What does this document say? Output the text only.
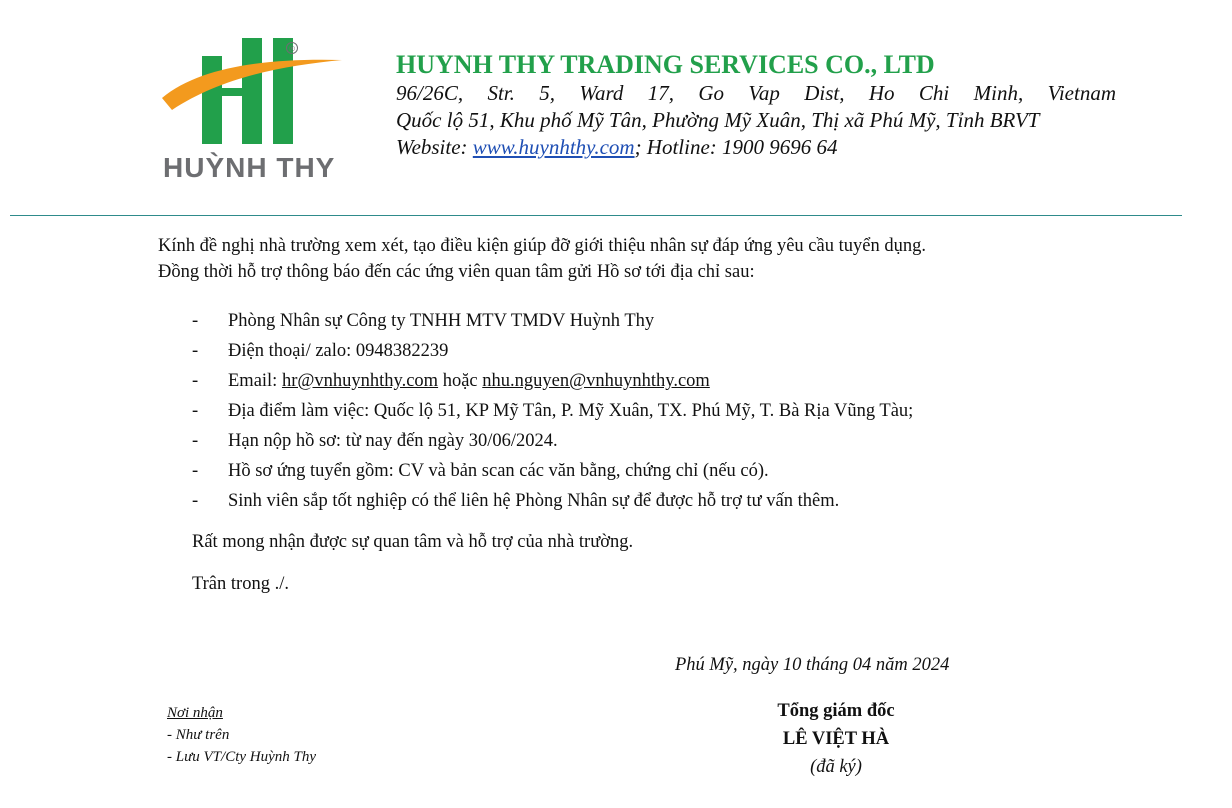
®
HUỲNH THY
HUYNH THY TRADING SERVICES CO., LTD
96/26C, Str. 5, Ward 17, Go Vap Dist, Ho Chi Minh, Vietnam
Quốc lộ 51, Khu phố Mỹ Tân, Phường Mỹ Xuân, Thị xã Phú Mỹ, Tỉnh BRVT
Website: www.huynhthy.com; Hotline: 1900 9696 64
Kính đề nghị nhà trường xem xét, tạo điều kiện giúp đỡ giới thiệu nhân sự đáp ứng yêu cầu tuyển dụng.
Đồng thời hỗ trợ thông báo đến các ứng viên quan tâm gửi Hồ sơ tới địa chỉ sau:
- Phòng Nhân sự Công ty TNHH MTV TMDV Huỳnh Thy
- Điện thoại/ zalo: 0948382239
- Email: hr@vnhuynhthy.com hoặc nhu.nguyen@vnhuynhthy.com
- Địa điểm làm việc: Quốc lộ 51, KP Mỹ Tân, P. Mỹ Xuân, TX. Phú Mỹ, T. Bà Rịa Vũng Tàu;
- Hạn nộp hồ sơ: từ nay đến ngày 30/06/2024.
- Hồ sơ ứng tuyển gồm: CV và bản scan các văn bằng, chứng chỉ (nếu có).
- Sinh viên sắp tốt nghiệp có thể liên hệ Phòng Nhân sự để được hỗ trợ tư vấn thêm.
Rất mong nhận được sự quan tâm và hỗ trợ của nhà trường.
Trân trong ./.
Phú Mỹ, ngày 10 tháng 04 năm 2024
Tổng giám đốc
LÊ VIỆT HÀ
(đã ký)
Nơi nhận
- Như trên
- Lưu VT/Cty Huỳnh Thy
